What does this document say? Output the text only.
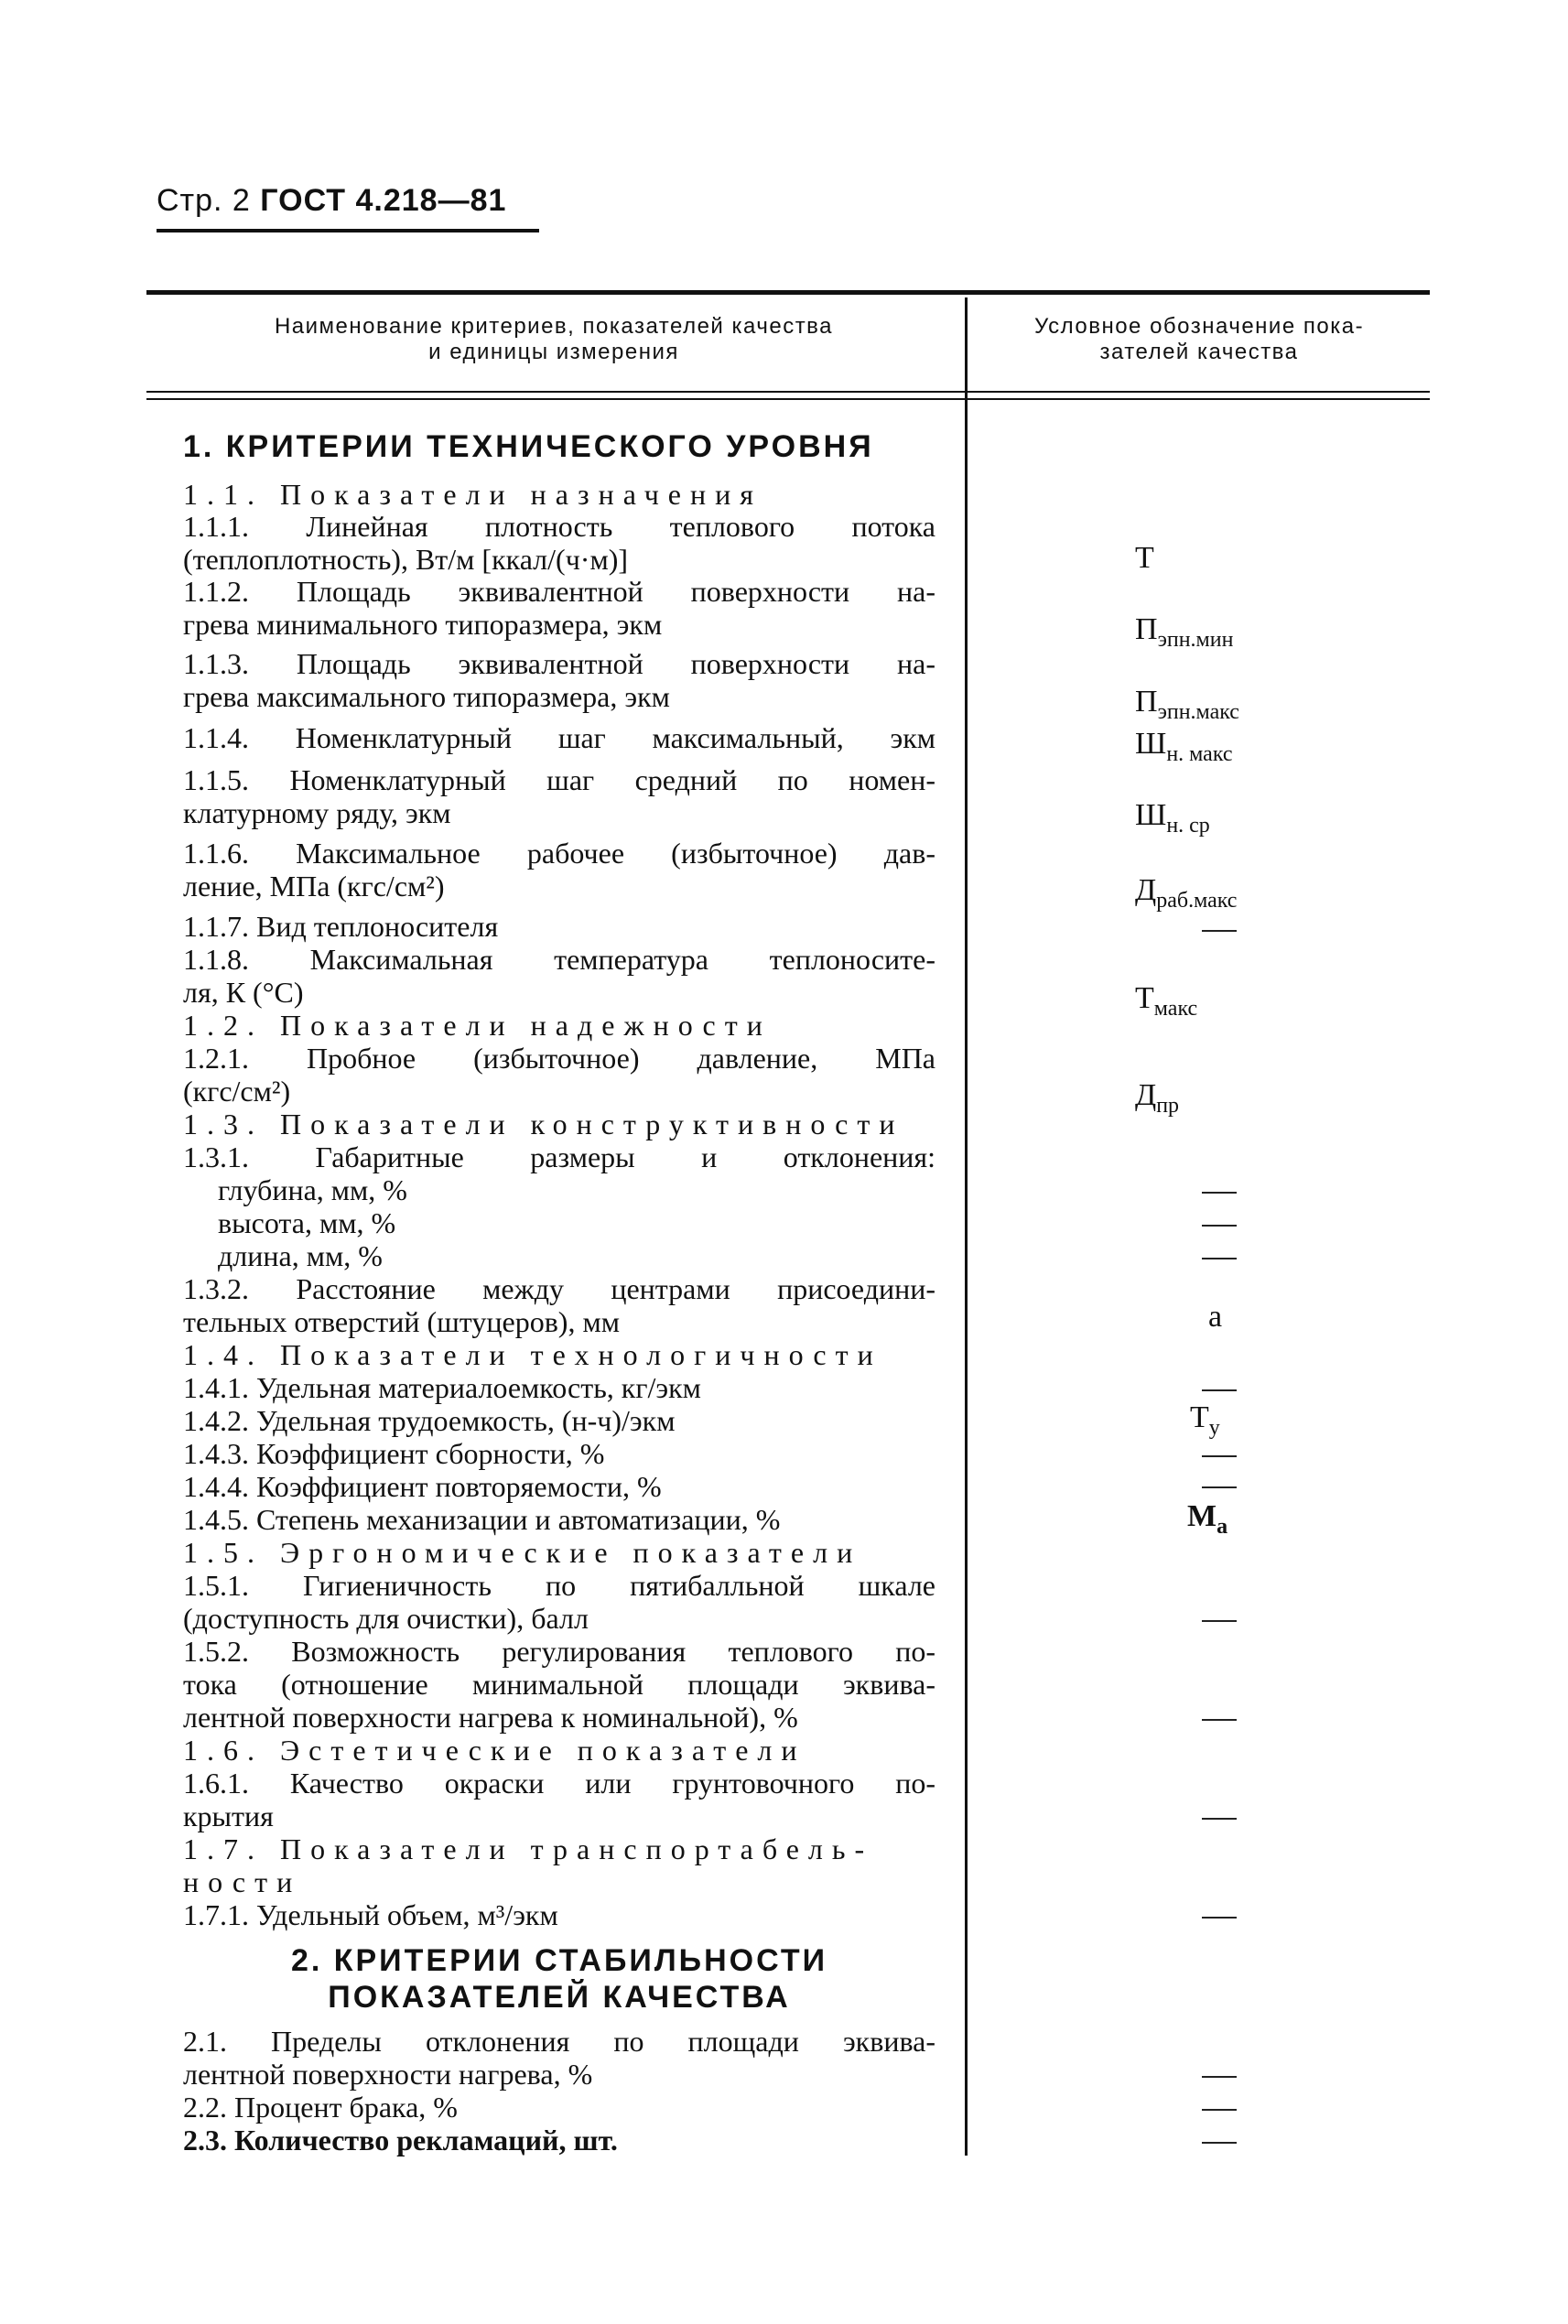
Стр. 2 ГОСТ 4.218—81
Наименование критериев, показателей качества
и единицы измерения
Условное обозначение пока-
зателей качества
1. КРИТЕРИИ ТЕХНИЧЕСКОГО УРОВНЯ
1.1. Показатели назначения
1.1.1. Линейная плотность теплового потока
(теплоплотность), Вт/м [ккал/(ч·м)]
1.1.2. Площадь эквивалентной поверхности на-
грева минимального типоразмера, экм
1.1.3. Площадь эквивалентной поверхности на-
грева максимального типоразмера, экм
1.1.4. Номенклатурный шаг максимальный, экм
1.1.5. Номенклатурный шаг средний по номен-
клатурному ряду, экм
1.1.6. Максимальное рабочее (избыточное) дав-
ление, МПа (кгс/см²)
1.1.7. Вид теплоносителя
1.1.8. Максимальная температура теплоносите-
ля, К (°С)
1.2. Показатели надежности
1.2.1. Пробное (избыточное) давление, МПа
(кгс/см²)
1.3. Показатели конструктивности
1.3.1. Габаритные размеры и отклонения:
глубина, мм, %
высота, мм, %
длина, мм, %
1.3.2. Расстояние между центрами присоедини-
тельных отверстий (штуцеров), мм
1.4. Показатели технологичности
1.4.1. Удельная материалоемкость, кг/экм
1.4.2. Удельная трудоемкость, (н-ч)/экм
1.4.3. Коэффициент сборности, %
1.4.4. Коэффициент повторяемости, %
1.4.5. Степень механизации и автоматизации, %
1.5. Эргономические показатели
1.5.1. Гигиеничность по пятибалльной шкале
(доступность для очистки), балл
1.5.2. Возможность регулирования теплового по-
тока (отношение минимальной площади эквива-
лентной поверхности нагрева к номинальной), %
1.6. Эстетические показатели
1.6.1. Качество окраски или грунтовочного по-
крытия
1.7. Показатели транспортабель-
ности
1.7.1. Удельный объем, м³/экм
2. КРИТЕРИИ СТАБИЛЬНОСТИ
ПОКАЗАТЕЛЕЙ КАЧЕСТВА
2.1. Пределы отклонения по площади эквива-
лентной поверхности нагрева, %
2.2. Процент брака, %
2.3. Количество рекламаций, шт.
Т
$П_{эпн.мин}$
$П_{эпн.макс}$
$Ш_{н. макс}$
$Ш_{н. ср}$
$Д_{раб.макс}$
$Т_{макс}$
$Д_{пр}$
а
$Т_у$
$М_а$
